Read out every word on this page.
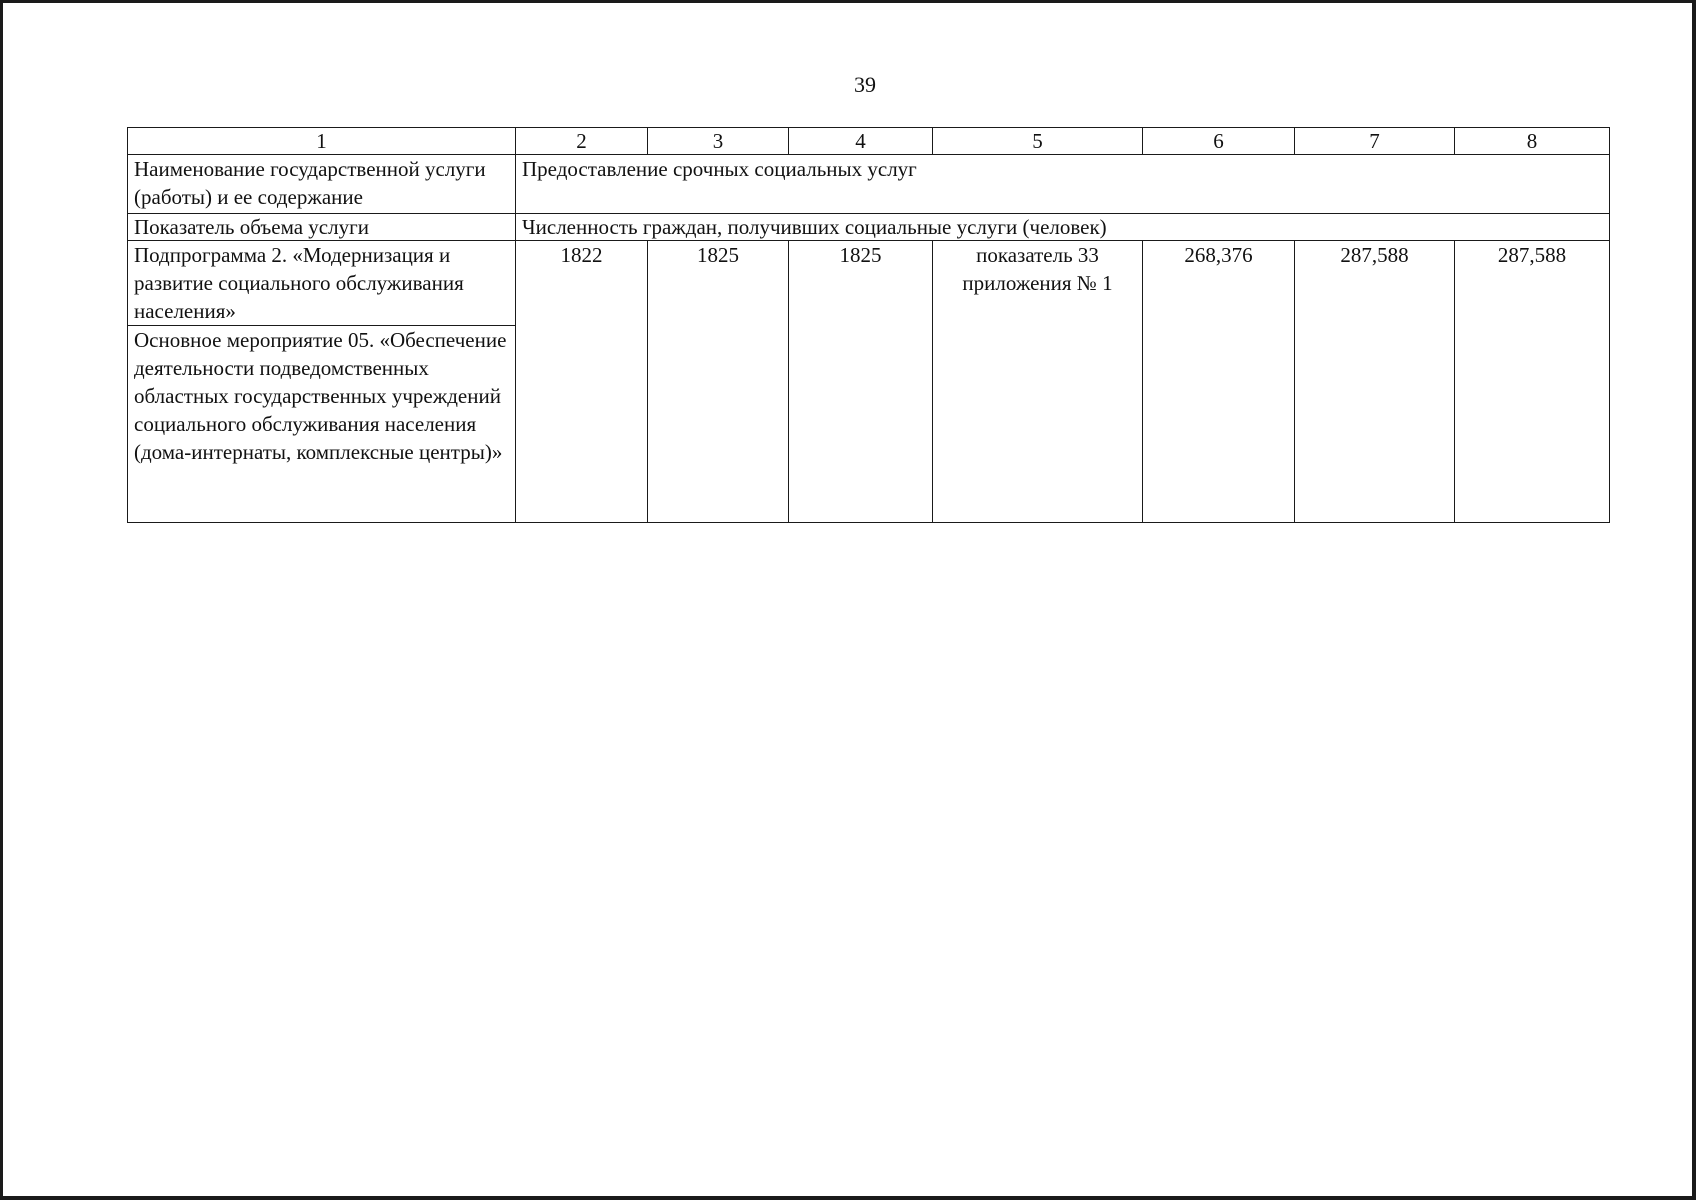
39
1	2	3	4	5	6	7	8
Наименование государственной услуги (работы) и ее содержание	Предоставление срочных социальных услуг						
Показатель объема услуги	Численность граждан, получивших социальные услуги (человек)						
Подпрограмма 2. «Модернизация и развитие социального обслуживания населения»	1822	1825	1825	показатель 33 приложения № 1	268,376	287,588	287,588
Основное мероприятие 05. «Обеспечение деятельности подведомственных областных государственных учреждений социального обслуживания населения (дома-интернаты, комплексные центры)»							
